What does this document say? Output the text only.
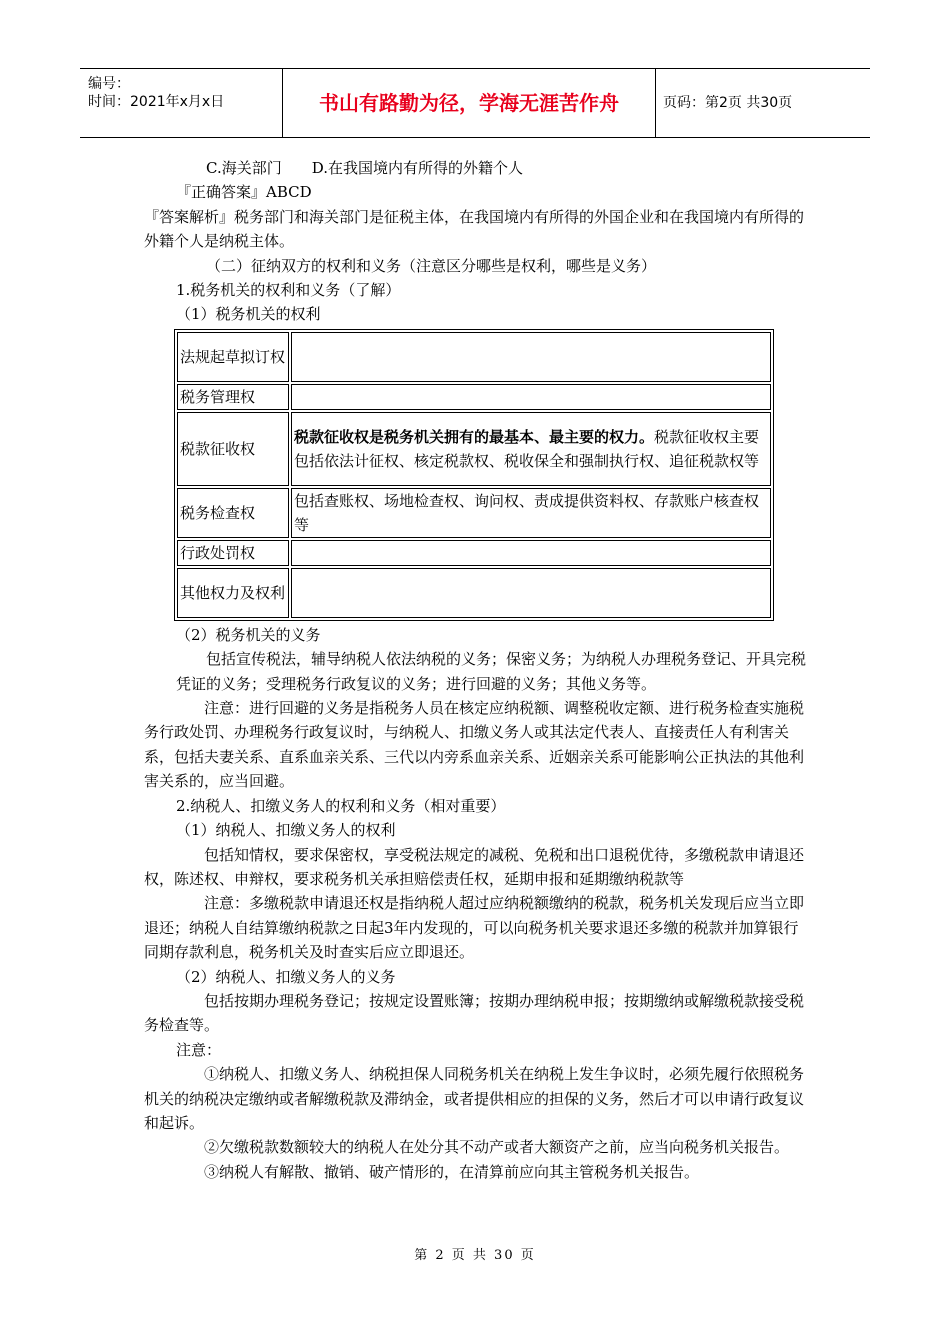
编号：
时间：2021年x月x日	书山有路勤为径，学海无涯苦作舟	页码：第2页 共30页

C.海关部门　　D.在我国境内有所得的外籍个人

『正确答案』ABCD

『答案解析』税务部门和海关部门是征税主体，在我国境内有所得的外国企业和在我国境内有所得的外籍个人是纳税主体。

（二）征纳双方的权利和义务（注意区分哪些是权利，哪些是义务）

1.税务机关的权利和义务（了解）

（1）税务机关的权利

法规起草拟订权	
税务管理权	
税款征收权	税款征收权是税务机关拥有的最基本、最主要的权力。税款征收权主要包括依法计征权、核定税款权、税收保全和强制执行权、追征税款权等
税务检查权	包括查账权、场地检查权、询问权、责成提供资料权、存款账户核查权等
行政处罚权	
其他权力及权利	

（2）税务机关的义务

包括宣传税法，辅导纳税人依法纳税的义务；保密义务；为纳税人办理税务登记、开具完税凭证的义务；受理税务行政复议的义务；进行回避的义务；其他义务等。

注意：进行回避的义务是指税务人员在核定应纳税额、调整税收定额、进行税务检查实施税务行政处罚、办理税务行政复议时，与纳税人、扣缴义务人或其法定代表人、直接责任人有利害关系，包括夫妻关系、直系血亲关系、三代以内旁系血亲关系、近姻亲关系可能影响公正执法的其他利害关系的，应当回避。

2.纳税人、扣缴义务人的权利和义务（相对重要）

（1）纳税人、扣缴义务人的权利

包括知情权，要求保密权，享受税法规定的减税、免税和出口退税优待，多缴税款申请退还权，陈述权、申辩权，要求税务机关承担赔偿责任权，延期申报和延期缴纳税款等

注意：多缴税款申请退还权是指纳税人超过应纳税额缴纳的税款，税务机关发现后应当立即退还；纳税人自结算缴纳税款之日起3年内发现的，可以向税务机关要求退还多缴的税款并加算银行同期存款利息，税务机关及时查实后应立即退还。

（2）纳税人、扣缴义务人的义务

包括按期办理税务登记；按规定设置账簿；按期办理纳税申报；按期缴纳或解缴税款接受税务检查等。

注意：

①纳税人、扣缴义务人、纳税担保人同税务机关在纳税上发生争议时，必须先履行依照税务机关的纳税决定缴纳或者解缴税款及滞纳金，或者提供相应的担保的义务，然后才可以申请行政复议和起诉。

②欠缴税款数额较大的纳税人在处分其不动产或者大额资产之前，应当向税务机关报告。

③纳税人有解散、撤销、破产情形的，在清算前应向其主管税务机关报告。

第 2 页 共 30 页
